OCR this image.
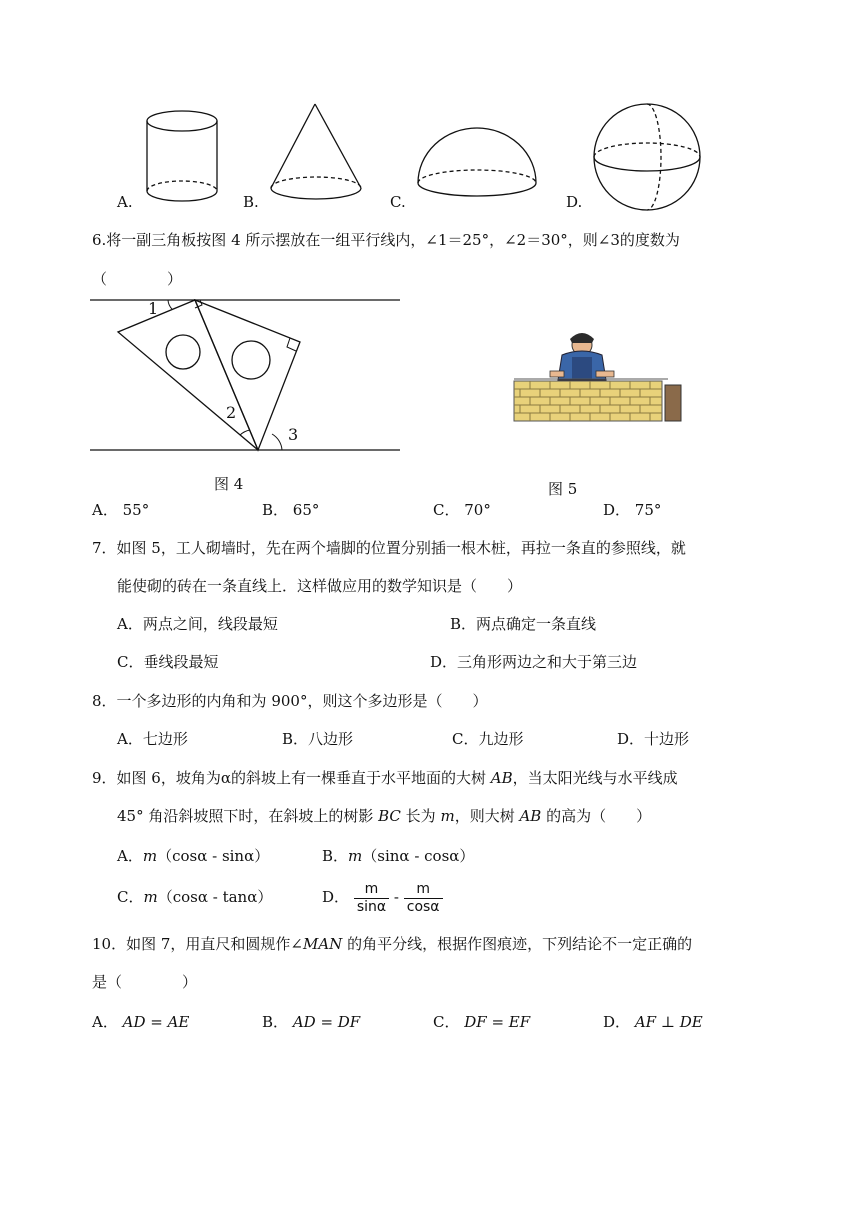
A.	B.	C.	D.
6.将一副三角板按图 4 所示摆放在一组平行线内，∠1＝25°，∠2＝30°，则∠3的度数为
（　　　　）
1
2
3
图 4	图 5
A． 55°	B． 65°	C． 70°	D． 75°
7．如图 5，工人砌墙时，先在两个墙脚的位置分别插一根木桩，再拉一条直的参照线，就
能使砌的砖在一条直线上．这样做应用的数学知识是（　　）
A．两点之间，线段最短	B．两点确定一条直线
C．垂线段最短	D．三角形两边之和大于第三边
8．一个多边形的内角和为 900°，则这个多边形是（　　）
A．七边形	B．八边形	C．九边形	D．十边形
9．如图 6，坡角为α的斜坡上有一棵垂直于水平地面的大树 AB，当太阳光线与水平线成
45° 角沿斜坡照下时，在斜坡上的树影 BC 长为 m，则大树 AB 的高为（　　）
A．m（cosα - sinα）	B．m（sinα - cosα）
C．m（cosα - tanα）	D． $\frac{m}{\sin\alpha} - \frac{m}{\cos\alpha}$
10．如图 7，用直尺和圆规作∠MAN 的角平分线，根据作图痕迹，下列结论不一定正确的
是（　　　　）
A． AD = AE	B． AD = DF	C． DF = EF	D． AF ⊥ DE
